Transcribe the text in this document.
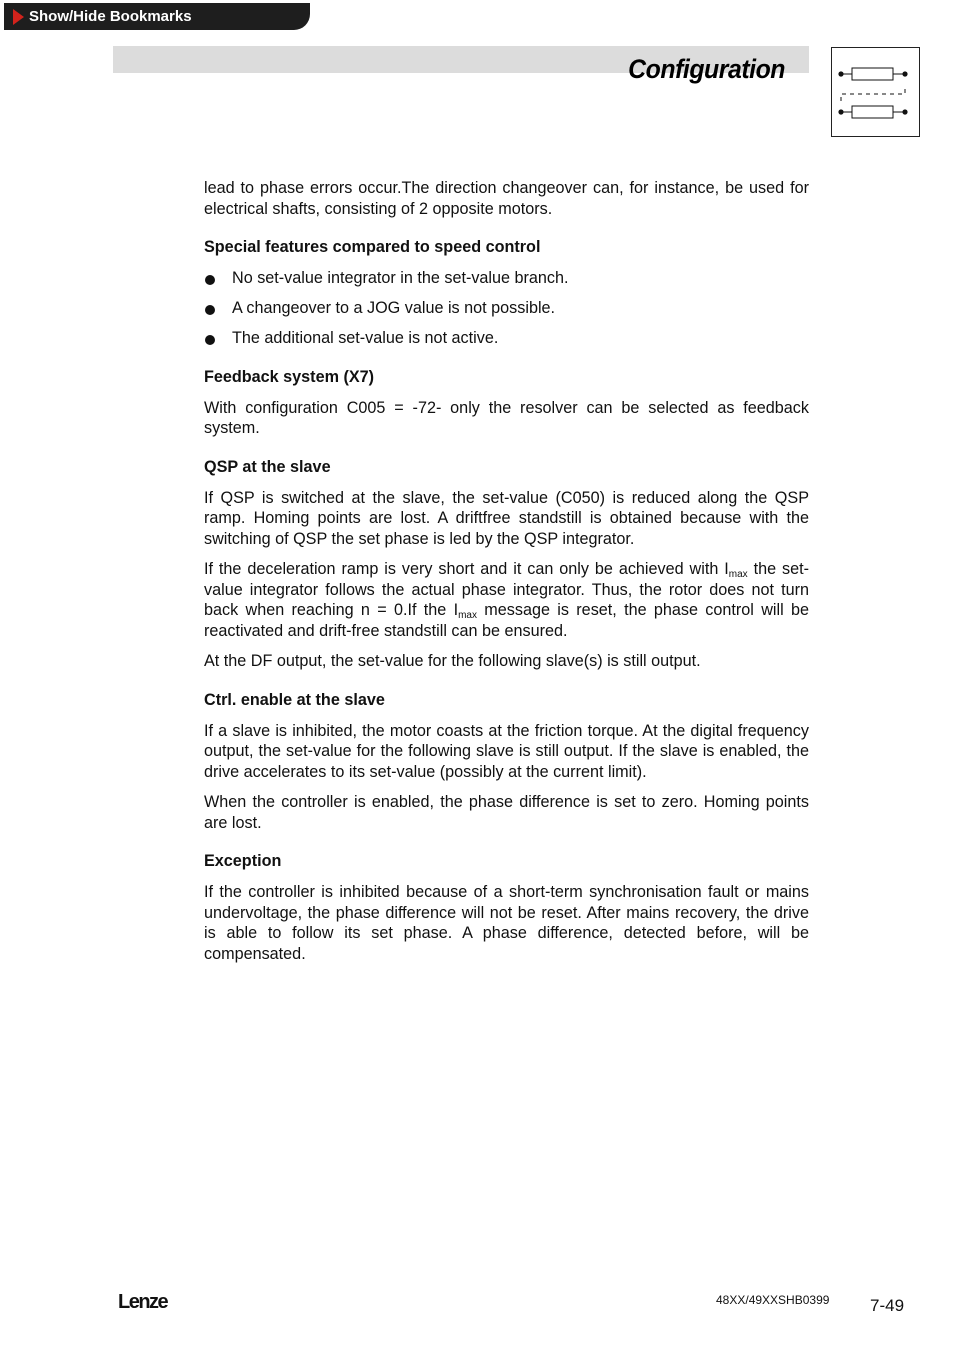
Show/Hide Bookmarks
Configuration

lead to phase errors occur.The direction changeover can, for instance, be used for electrical shafts, consisting of 2 opposite motors.

Special features compared to speed control
No set-value integrator in the set-value branch.
A changeover to a JOG value is not possible.
The additional set-value is not active.
Feedback system (X7)

With configuration C005 = -72- only the resolver can be selected as feedback system.

QSP at the slave

If QSP is switched at the slave, the set-value (C050) is reduced along the QSP ramp. Homing points are lost. A driftfree standstill is obtained because with the switching of QSP the set phase is led by the QSP integrator.

If the deceleration ramp is very short and it can only be achieved with $I_{max}$ the set-value integrator follows the actual phase integrator. Thus, the rotor does not turn back when reaching n = 0.If the $I_{max}$ message is reset, the phase control will be reactivated and drift-free standstill can be ensured.

At the DF output, the set-value for the following slave(s) is still output.

Ctrl. enable at the slave

If a slave is inhibited, the motor coasts at the friction torque. At the digital frequency output, the set-value for the following slave is still output. If the slave is enabled, the drive accelerates to its set-value (possibly at the current limit).

When the controller is enabled, the phase difference is set to zero. Homing points are lost.

Exception

If the controller is inhibited because of a short-term synchronisation fault or mains undervoltage, the phase difference will not be reset. After mains recovery, the drive is able to follow its set phase. A phase difference, detected before, will be compensated.

Lenze	48XX/49XXSHB0399 7-49
